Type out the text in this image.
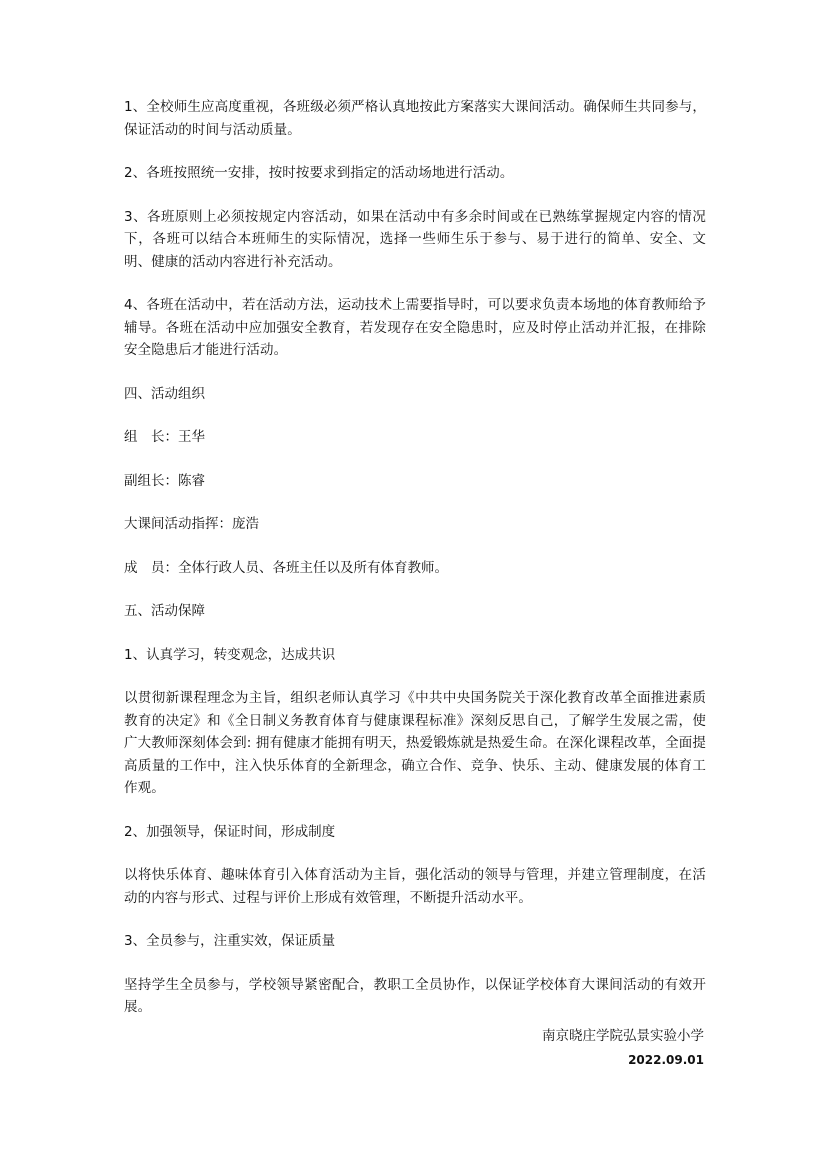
1、全校师生应高度重视，各班级必须严格认真地按此方案落实大课间活动。确保师生共同参与，保证活动的时间与活动质量。

2、各班按照统一安排，按时按要求到指定的活动场地进行活动。

3、各班原则上必须按规定内容活动，如果在活动中有多余时间或在已熟练掌握规定内容的情况下，各班可以结合本班师生的实际情况，选择一些师生乐于参与、易于进行的简单、安全、文明、健康的活动内容进行补充活动。

4、各班在活动中，若在活动方法，运动技术上需要指导时，可以要求负责本场地的体育教师给予辅导。各班在活动中应加强安全教育，若发现存在安全隐患时，应及时停止活动并汇报，在排除安全隐患后才能进行活动。

四、活动组织

组　长：王华

副组长：陈睿

大课间活动指挥：庞浩

成　员：全体行政人员、各班主任以及所有体育教师。

五、活动保障

1、认真学习，转变观念，达成共识

以贯彻新课程理念为主旨，组织老师认真学习《中共中央国务院关于深化教育改革全面推进素质教育的决定》和《全日制义务教育体育与健康课程标准》深刻反思自己，了解学生发展之需，使广大教师深刻体会到: 拥有健康才能拥有明天，热爱锻炼就是热爱生命。在深化课程改革，全面提高质量的工作中，注入快乐体育的全新理念，确立合作、竞争、快乐、主动、健康发展的体育工作观。

2、加强领导，保证时间，形成制度

以将快乐体育、趣味体育引入体育活动为主旨，强化活动的领导与管理，并建立管理制度，在活动的内容与形式、过程与评价上形成有效管理，不断提升活动水平。

3、全员参与，注重实效，保证质量

坚持学生全员参与，学校领导紧密配合，教职工全员协作，以保证学校体育大课间活动的有效开展。

南京晓庄学院弘景实验小学

2022.09.01
